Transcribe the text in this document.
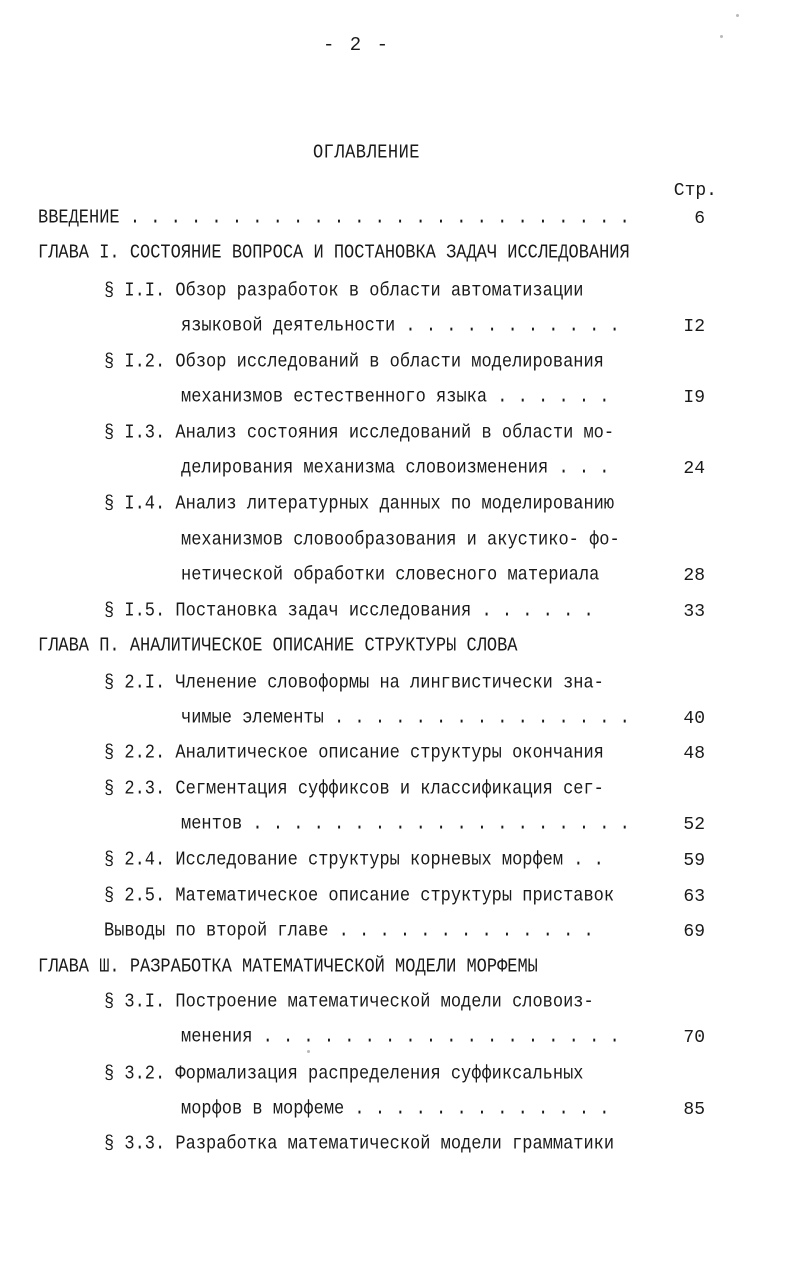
- 2 -
ОГЛАВЛЕНИЕ
Стр.
ВВЕДЕНИЕ . . . . . . . . . . . . . . . . . . . . . . . . .	6
ГЛАВА I. СОСТОЯНИЕ ВОПРОСА И ПОСТАНОВКА ЗАДАЧ ИССЛЕДОВАНИЯ
§ I.I. Обзор разработок в области автоматизации
языковой деятельности . . . . . . . . . . .	I2
§ I.2. Обзор исследований в области моделирования
механизмов естественного языка . . . . . .	I9
§ I.3. Анализ состояния исследований в области мо-
делирования механизма словоизменения . . .	24
§ I.4. Анализ литературных данных по моделированию
механизмов словообразования и акустико- фо-
нетической обработки словесного материала	28
§ I.5. Постановка задач исследования . . . . . .	33
ГЛАВА П. АНАЛИТИЧЕСКОЕ ОПИСАНИЕ СТРУКТУРЫ СЛОВА
§ 2.I. Членение словоформы на лингвистически зна-
чимые элементы . . . . . . . . . . . . . . .	40
§ 2.2. Аналитическое описание структуры окончания	48
§ 2.3. Сегментация суффиксов и классификация сег-
ментов . . . . . . . . . . . . . . . . . . .	52
§ 2.4. Исследование структуры корневых морфем . .	59
§ 2.5. Математическое описание структуры приставок	63
Выводы по второй главе . . . . . . . . . . . . .	69
ГЛАВА Ш. РАЗРАБОТКА МАТЕМАТИЧЕСКОЙ МОДЕЛИ МОРФЕМЫ
§ 3.I. Построение математической модели словоиз-
менения . . . . . . . . . . . . . . . . . .	70
§ 3.2. Формализация распределения суффиксальных
морфов в морфеме . . . . . . . . . . . . .	85
§ 3.3. Разработка математической модели грамматики
